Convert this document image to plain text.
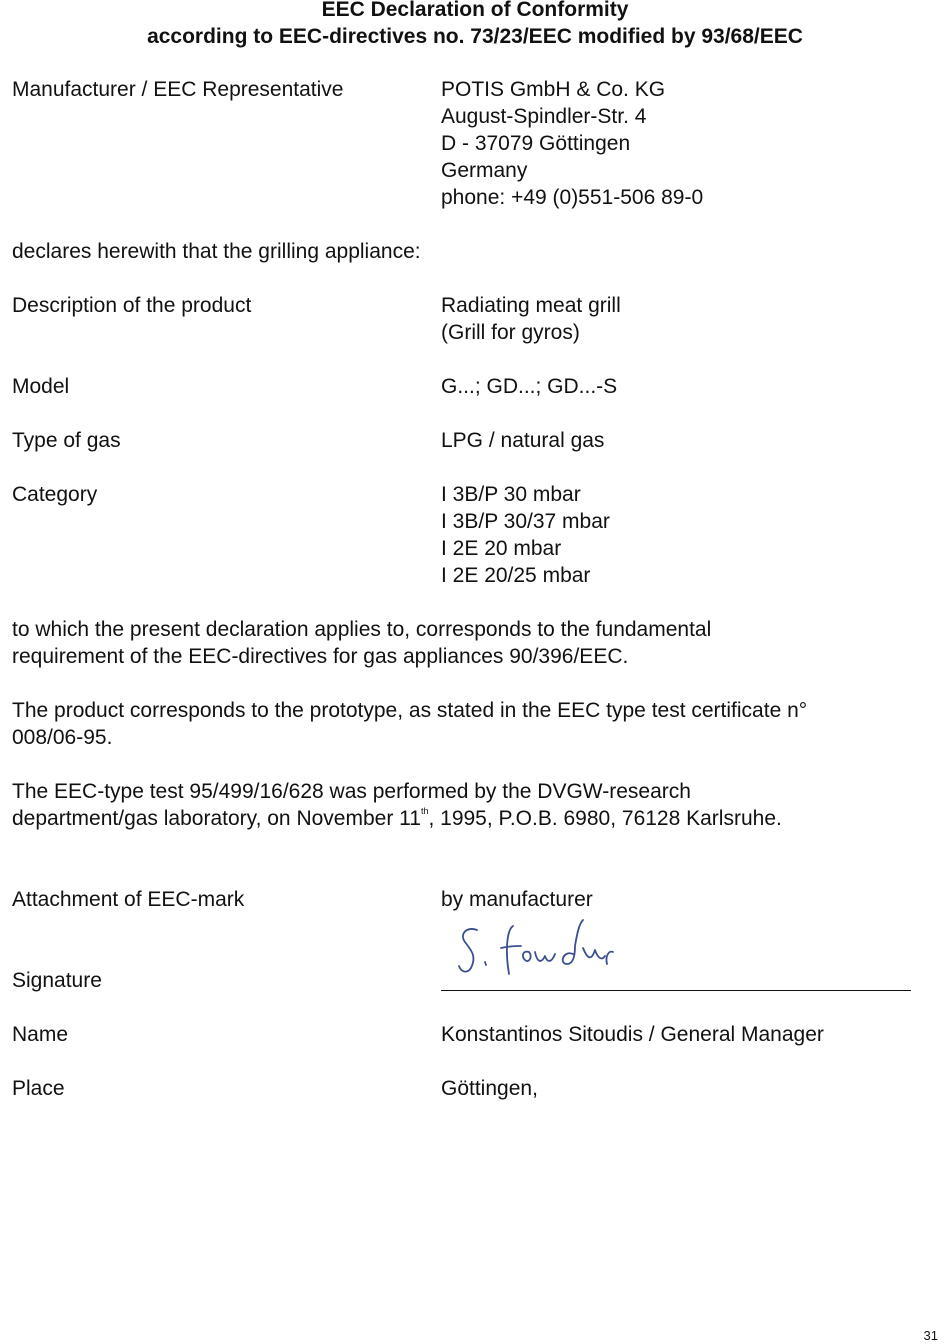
EEC Declaration of Conformity
according to EEC-directives no. 73/23/EEC modified by 93/68/EEC
Manufacturer / EEC Representative	POTIS GmbH & Co. KG
August-Spindler-Str. 4
D - 37079 Göttingen
Germany
phone: +49 (0)551-506 89-0
declares herewith that the grilling appliance:
Description of the product	Radiating meat grill
(Grill for gyros)
Model	G...; GD...; GD...-S
Type of gas	LPG / natural gas
Category	I 3B/P 30 mbar
I 3B/P 30/37 mbar
I 2E 20 mbar
I 2E 20/25 mbar
to which the present declaration applies to, corresponds to the fundamental
requirement of the EEC-directives for gas appliances 90/396/EEC.
The product corresponds to the prototype, as stated in the EEC type test certificate n°
008/06-95.
The EEC-type test 95/499/16/628 was performed by the DVGW-research
department/gas laboratory, on November 11th, 1995, P.O.B. 6980, 76128 Karlsruhe.
Attachment of EEC-mark	by manufacturer
Signature
Name	Konstantinos Sitoudis / General Manager
Place	Göttingen,
31
